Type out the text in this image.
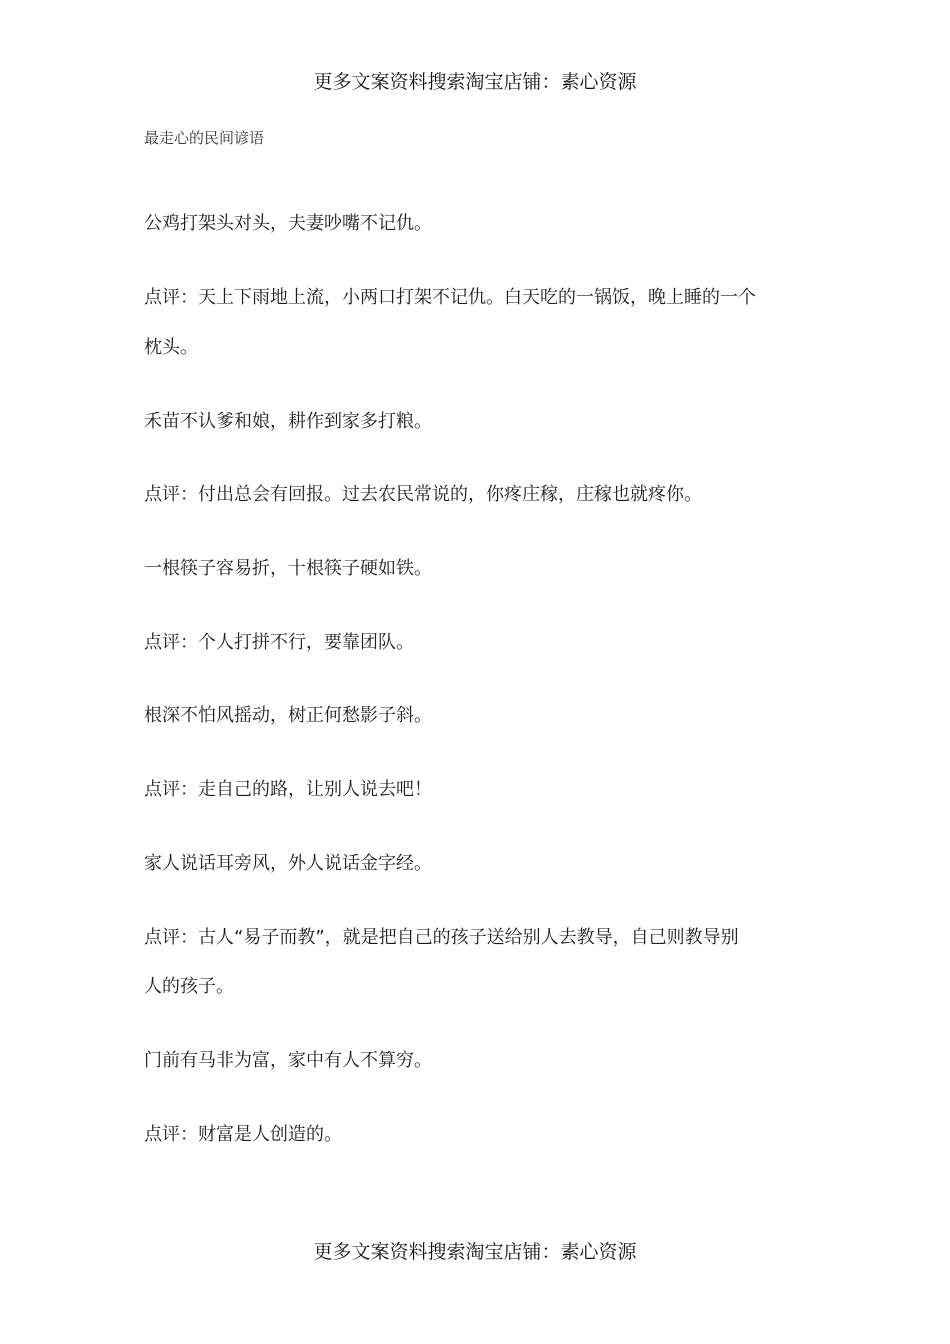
更多文案资料搜索淘宝店铺：素心资源
最走心的民间谚语
公鸡打架头对头，夫妻吵嘴不记仇。
点评：天上下雨地上流，小两口打架不记仇。白天吃的一锅饭，晚上睡的一个
枕头。
禾苗不认爹和娘，耕作到家多打粮。
点评：付出总会有回报。过去农民常说的，你疼庄稼，庄稼也就疼你。
一根筷子容易折，十根筷子硬如铁。
点评：个人打拼不行，要靠团队。
根深不怕风摇动，树正何愁影子斜。
点评：走自己的路，让别人说去吧！
家人说话耳旁风，外人说话金字经。
点评：古人“易子而教”，就是把自己的孩子送给别人去教导，自己则教导别
人的孩子。
门前有马非为富，家中有人不算穷。
点评：财富是人创造的。
更多文案资料搜索淘宝店铺：素心资源
